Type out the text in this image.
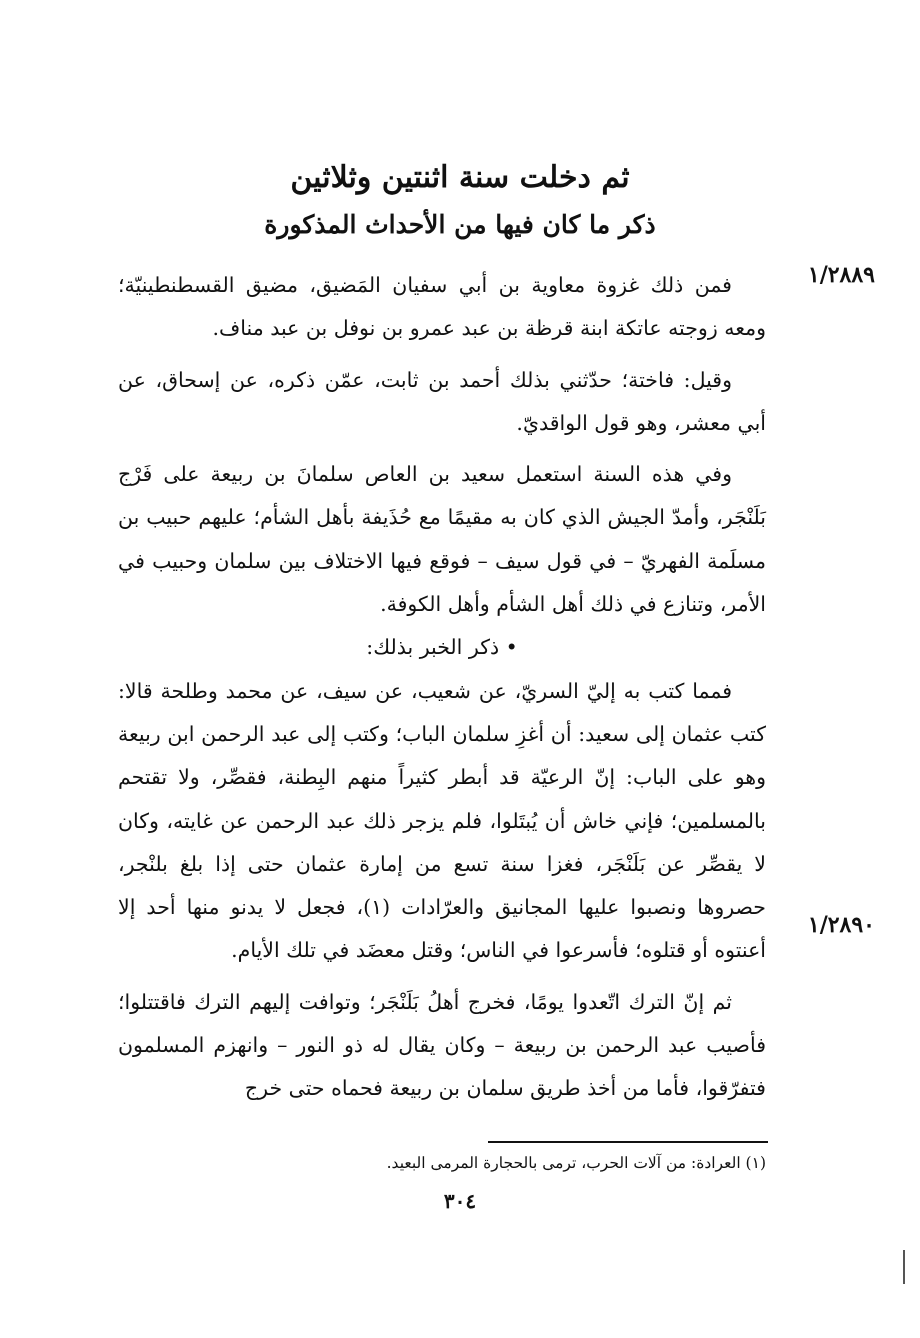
ثم دخلت سنة اثنتين وثلاثين
ذكر ما كان فيها من الأحداث المذكورة
١/٢٨٨٩
١/٢٨٩٠

فمن ذلك غزوة معاوية بن أبي سفيان المَضيق، مضيق القسطنطينيّة؛ ومعه زوجته عاتكة ابنة قرظة بن عبد عمرو بن نوفل بن عبد مناف.

وقيل: فاختة؛ حدّثني بذلك أحمد بن ثابت، عمّن ذكره، عن إسحاق، عن أبي معشر، وهو قول الواقديّ.

وفي هذه السنة استعمل سعيد بن العاص سلمانَ بن ربيعة على فَرْج بَلَنْجَر، وأمدّ الجيش الذي كان به مقيمًا مع حُذَيفة بأهل الشأم؛ عليهم حبيب بن مسلَمة الفهريّ – في قول سيف – فوقع فيها الاختلاف بين سلمان وحبيب في الأمر، وتنازع في ذلك أهل الشأم وأهل الكوفة.

• ذكر الخبر بذلك:

فمما كتب به إليّ السريّ، عن شعيب، عن سيف، عن محمد وطلحة قالا: كتب عثمان إلى سعيد: أن أغزِ سلمان الباب؛ وكتب إلى عبد الرحمن ابن ربيعة وهو على الباب: إنّ الرعيّة قد أبطر كثيراً منهم البِطنة، فقصِّر، ولا تقتحم بالمسلمين؛ فإني خاش أن يُبتَلوا، فلم يزجر ذلك عبد الرحمن عن غايته، وكان لا يقصِّر عن بَلَنْجَر، فغزا سنة تسع من إمارة عثمان حتى إذا بلغ بلنْجر، حصروها ونصبوا عليها المجانيق والعرّادات (١)، فجعل لا يدنو منها أحد إلا أعنتوه أو قتلوه؛ فأسرعوا في الناس؛ وقتل معضَد في تلك الأيام.

ثم إنّ الترك اتّعدوا يومًا، فخرج أهلُ بَلَنْجَر؛ وتوافت إليهم الترك فاقتتلوا؛ فأصيب عبد الرحمن بن ربيعة – وكان يقال له ذو النور – وانهزم المسلمون فتفرّقوا، فأما من أخذ طريق سلمان بن ربيعة فحماه حتى خرج

(١) العرادة: من آلات الحرب، ترمى بالحجارة المرمى البعيد.
٣٠٤
